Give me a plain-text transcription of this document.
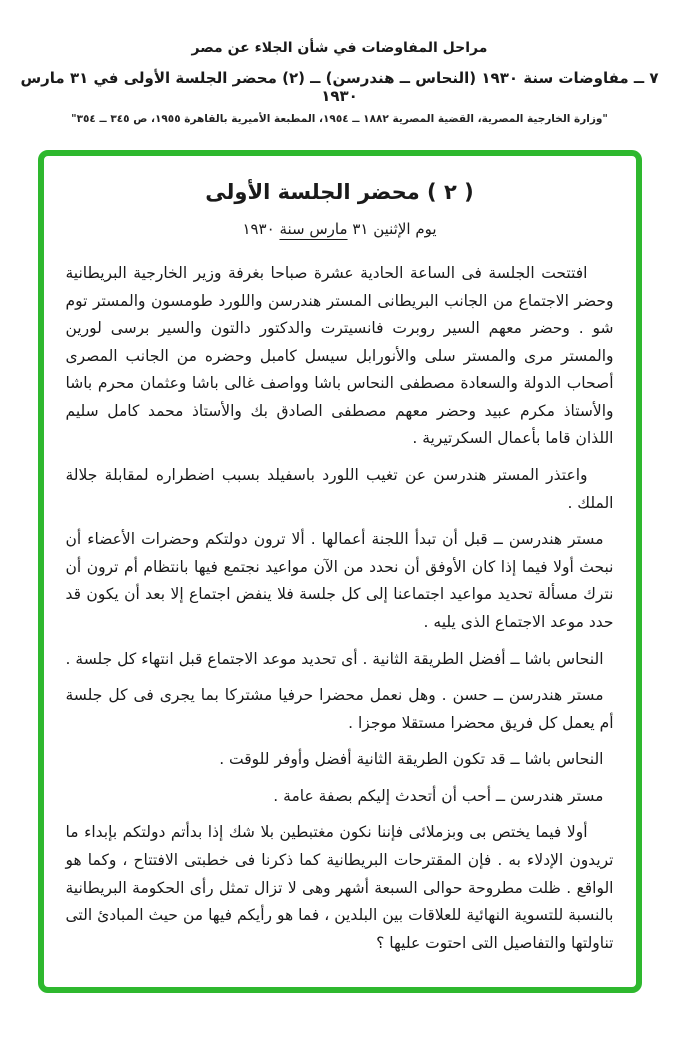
مراحل المفاوضات في شأن الجلاء عن مصر
٧ ــ مفاوضات سنة ١٩٣٠ (النحاس ــ هندرسن) ــ (٢) محضر الجلسة الأولى في ٣١ مارس ١٩٣٠
"وزارة الخارجية المصرية، القضية المصرية ١٨٨٢ ــ ١٩٥٤، المطبعة الأميرية بالقاهرة ١٩٥٥، ص ٣٤٥ ــ ٣٥٤"
( ٢ ) محضر الجلسة الأولى
يوم الإثنين ٣١ مارس سنة ١٩٣٠

افتتحت الجلسة فى الساعة الحادية عشرة صباحا بغرفة وزير الخارجية البريطانية وحضر الاجتماع من الجانب البريطانى المستر هندرسن واللورد طومسون والمستر توم شو . وحضر معهم السير روبرت فانسيترت والدكتور دالتون والسير برسى لورين والمستر مرى والمستر سلى والأنورابل سيسل كامبل وحضره من الجانب المصرى أصحاب الدولة والسعادة مصطفى النحاس باشا وواصف غالى باشا وعثمان محرم باشا والأستاذ مكرم عبيد وحضر معهم مصطفى الصادق بك والأستاذ محمد كامل سليم اللذان قاما بأعمال السكرتيرية .

واعتذر المستر هندرسن عن تغيب اللورد باسفيلد بسبب اضطراره لمقابلة جلالة الملك .

مستر هندرسن ــ قبل أن تبدأ اللجنة أعمالها . ألا ترون دولتكم وحضرات الأعضاء أن نبحث أولا فيما إذا كان الأوفق أن نحدد من الآن مواعيد نجتمع فيها بانتظام أم ترون أن نترك مسألة تحديد مواعيد اجتماعنا إلى كل جلسة فلا ينفض اجتماع إلا بعد أن يكون قد حدد موعد الاجتماع الذى يليه .

النحاس باشا ــ أفضل الطريقة الثانية . أى تحديد موعد الاجتماع قبل انتهاء كل جلسة .

مستر هندرسن ــ حسن . وهل نعمل محضرا حرفيا مشتركا بما يجرى فى كل جلسة أم يعمل كل فريق محضرا مستقلا موجزا .

النحاس باشا ــ قد تكون الطريقة الثانية أفضل وأوفر للوقت .

مستر هندرسن ــ أحب أن أتحدث إليكم بصفة عامة .

أولا فيما يختص بى وبزملائى فإننا نكون مغتبطين بلا شك إذا بدأتم دولتكم بإبداء ما تريدون الإدلاء به . فإن المقترحات البريطانية كما ذكرنا فى خطبتى الافتتاح ، وكما هو الواقع . ظلت مطروحة حوالى السبعة أشهر وهى لا تزال تمثل رأى الحكومة البريطانية بالنسبة للتسوية النهائية للعلاقات بين البلدين ، فما هو رأيكم فيها من حيث المبادئ التى تناولتها والتفاصيل التى احتوت عليها ؟
